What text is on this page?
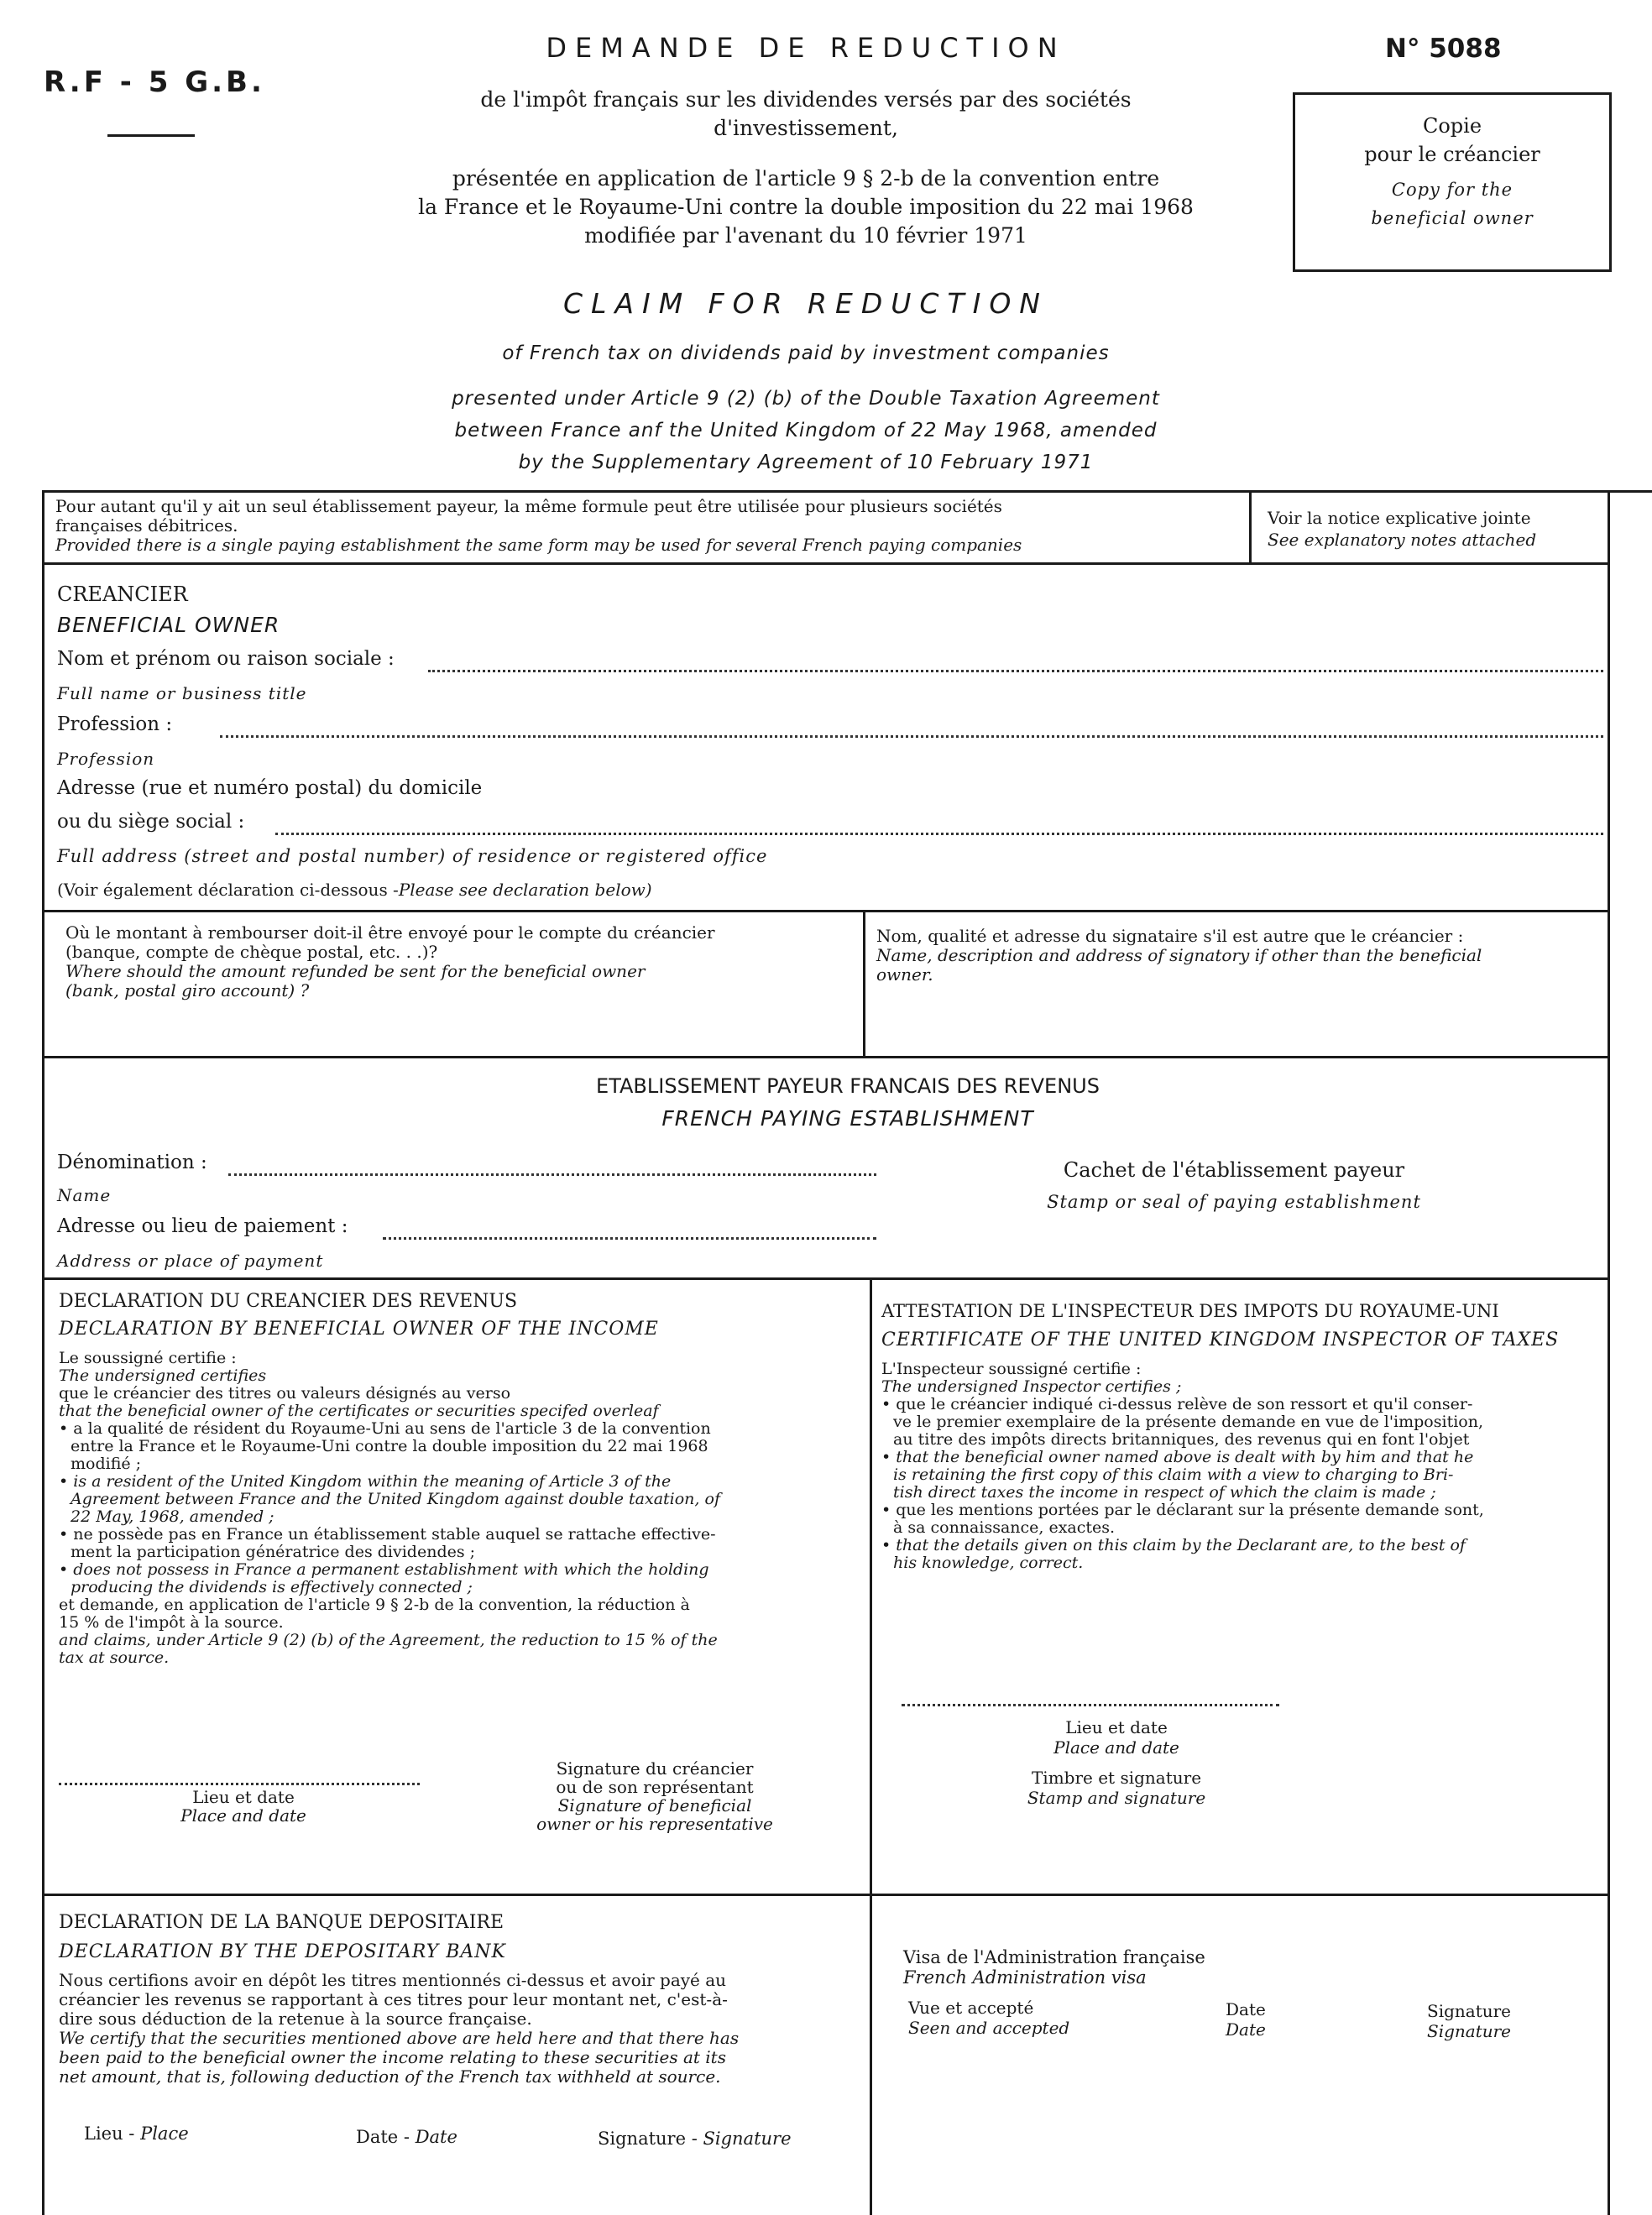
R.F - 5 G.B.
N° 5088
DEMANDE DE REDUCTION
de l'impôt français sur les dividendes versés par des sociétés
d'investissement,
présentée en application de l'article 9 § 2-b de la convention entre
la France et le Royaume-Uni contre la double imposition du 22 mai 1968
modifiée par l'avenant du 10 février 1971
Copie
pour le créancier
Copy for the
beneficial owner
CLAIM FOR REDUCTION
of French tax on dividends paid by investment companies
presented under Article 9 (2) (b) of the Double Taxation Agreement
between France anf the United Kingdom of 22 May 1968, amended
by the Supplementary Agreement of 10 February 1971
Pour autant qu'il y ait un seul établissement payeur, la même formule peut être utilisée pour plusieurs sociétés
françaises débitrices.
Provided there is a single paying establishment the same form may be used for several French paying companies
Voir la notice explicative jointe
See explanatory notes attached
CREANCIER
BENEFICIAL OWNER
Nom et prénom ou raison sociale :
Full name or business title
Profession :
Profession
Adresse (rue et numéro postal) du domicile
ou du siège social :
Full address (street and postal number) of residence or registered office
(Voir également déclaration ci-dessous -Please see declaration below)
Où le montant à rembourser doit-il être envoyé pour le compte du créancier
(banque, compte de chèque postal, etc. . .)?
Where should the amount refunded be sent for the beneficial owner
(bank, postal giro account) ?
Nom, qualité et adresse du signataire s'il est autre que le créancier :
Name, description and address of signatory if other than the beneficial
owner.
ETABLISSEMENT PAYEUR FRANCAIS DES REVENUS
FRENCH PAYING ESTABLISHMENT
Dénomination :
Name
Adresse ou lieu de paiement :
Address or place of payment
Cachet de l'établissement payeur
Stamp or seal of paying establishment
DECLARATION DU CREANCIER DES REVENUS
DECLARATION BY BENEFICIAL OWNER OF THE INCOME
Le soussigné certifie :
The undersigned certifies
que le créancier des titres ou valeurs désignés au verso
that the beneficial owner of the certificates or securities specifed overleaf
• a la qualité de résident du Royaume-Uni au sens de l'article 3 de la convention
entre la France et le Royaume-Uni contre la double imposition du 22 mai 1968
modifié ;
• is a resident of the United Kingdom within the meaning of Article 3 of the
Agreement between France and the United Kingdom against double taxation, of
22 May, 1968, amended ;
• ne possède pas en France un établissement stable auquel se rattache effective-
ment la participation génératrice des dividendes ;
• does not possess in France a permanent establishment with which the holding
producing the dividends is effectively connected ;
et demande, en application de l'article 9 § 2-b de la convention, la réduction à
15 % de l'impôt à la source.
and claims, under Article 9 (2) (b) of the Agreement, the reduction to 15 % of the
tax at source.
Lieu et date
Place and date
Signature du créancier
ou de son représentant
Signature of beneficial
owner or his representative
ATTESTATION DE L'INSPECTEUR DES IMPOTS DU ROYAUME-UNI
CERTIFICATE OF THE UNITED KINGDOM INSPECTOR OF TAXES
L'Inspecteur soussigné certifie :
The undersigned Inspector certifies ;
• que le créancier indiqué ci-dessus relève de son ressort et qu'il conser-
ve le premier exemplaire de la présente demande en vue de l'imposition,
au titre des impôts directs britanniques, des revenus qui en font l'objet
• that the beneficial owner named above is dealt with by him and that he
is retaining the first copy of this claim with a view to charging to Bri-
tish direct taxes the income in respect of which the claim is made ;
• que les mentions portées par le déclarant sur la présente demande sont,
à sa connaissance, exactes.
• that the details given on this claim by the Declarant are, to the best of
his knowledge, correct.
Lieu et date
Place and date
Timbre et signature
Stamp and signature
DECLARATION DE LA BANQUE DEPOSITAIRE
DECLARATION BY THE DEPOSITARY BANK
Nous certifions avoir en dépôt les titres mentionnés ci-dessus et avoir payé au
créancier les revenus se rapportant à ces titres pour leur montant net, c'est-à-
dire sous déduction de la retenue à la source française.
We certify that the securities mentioned above are held here and that there has
been paid to the beneficial owner the income relating to these securities at its
net amount, that is, following deduction of the French tax withheld at source.
Lieu - Place	Date - Date	Signature - Signature
Visa de l'Administration française
French Administration visa
Vue et accepté
Seen and accepted
Date
Date
Signature
Signature
